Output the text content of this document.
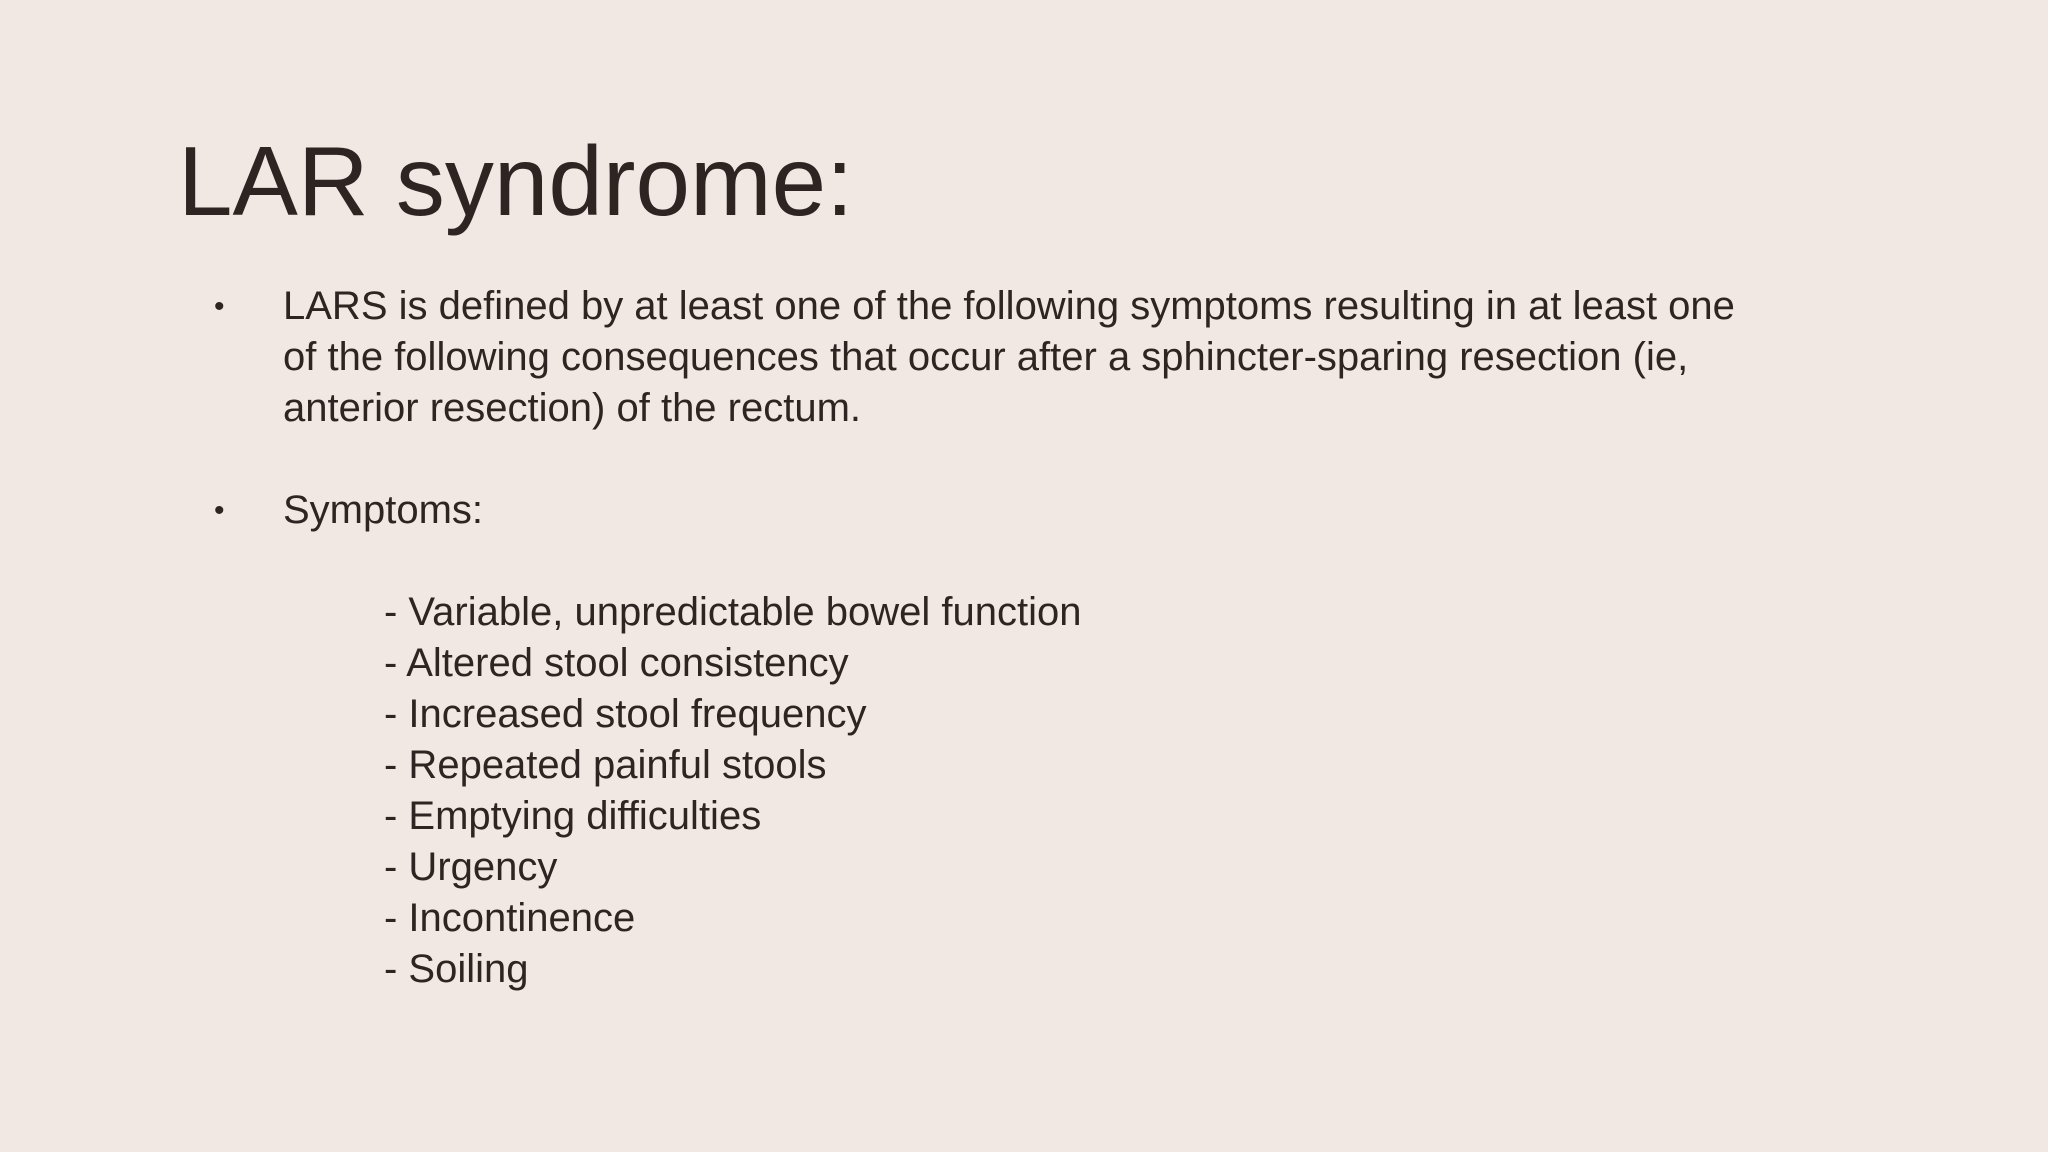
LAR syndrome:
• LARS is defined by at least one of the following symptoms resulting in at least one
of the following consequences that occur after a sphincter-sparing resection (ie,
anterior resection) of the rectum.
• Symptoms:
- Variable, unpredictable bowel function
- Altered stool consistency
- Increased stool frequency
- Repeated painful stools
- Emptying difficulties
- Urgency
- Incontinence
- Soiling
